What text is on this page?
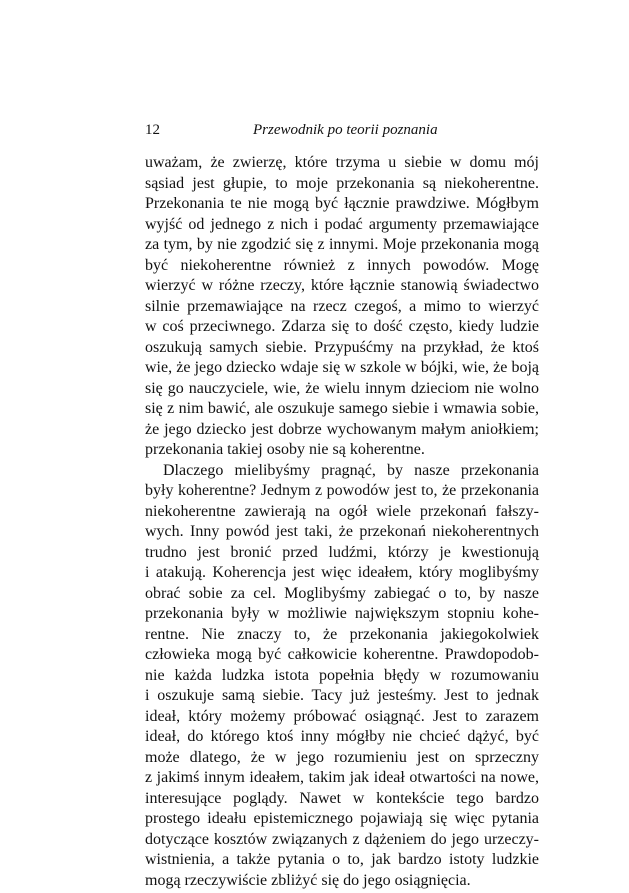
12	Przewodnik po teorii poznania
uważam, że zwierzę, które trzyma u siebie w domu mój
sąsiad jest głupie, to moje przekonania są niekoherentne.
Przekonania te nie mogą być łącznie prawdziwe. Mógłbym
wyjść od jednego z nich i podać argumenty przemawiające
za tym, by nie zgodzić się z innymi. Moje przekonania mogą
być niekoherentne również z innych powodów. Mogę
wierzyć w różne rzeczy, które łącznie stanowią świadectwo
silnie przemawiające na rzecz czegoś, a mimo to wierzyć
w coś przeciwnego. Zdarza się to dość często, kiedy ludzie
oszukują samych siebie. Przypuśćmy na przykład, że ktoś
wie, że jego dziecko wdaje się w szkole w bójki, wie, że boją
się go nauczyciele, wie, że wielu innym dzieciom nie wolno
się z nim bawić, ale oszukuje samego siebie i wmawia sobie,
że jego dziecko jest dobrze wychowanym małym aniołkiem;
przekonania takiej osoby nie są koherentne.
Dlaczego mielibyśmy pragnąć, by nasze przekonania
były koherentne? Jednym z powodów jest to, że przekonania
niekoherentne zawierają na ogół wiele przekonań fałszy-
wych. Inny powód jest taki, że przekonań niekoherentnych
trudno jest bronić przed ludźmi, którzy je kwestionują
i atakują. Koherencja jest więc ideałem, który moglibyśmy
obrać sobie za cel. Moglibyśmy zabiegać o to, by nasze
przekonania były w możliwie największym stopniu kohe-
rentne. Nie znaczy to, że przekonania jakiegokolwiek
człowieka mogą być całkowicie koherentne. Prawdopodob-
nie każda ludzka istota popełnia błędy w rozumowaniu
i oszukuje samą siebie. Tacy już jesteśmy. Jest to jednak
ideał, który możemy próbować osiągnąć. Jest to zarazem
ideał, do którego ktoś inny mógłby nie chcieć dążyć, być
może dlatego, że w jego rozumieniu jest on sprzeczny
z jakimś innym ideałem, takim jak ideał otwartości na nowe,
interesujące poglądy. Nawet w kontekście tego bardzo
prostego ideału epistemicznego pojawiają się więc pytania
dotyczące kosztów związanych z dążeniem do jego urzeczy-
wistnienia, a także pytania o to, jak bardzo istoty ludzkie
mogą rzeczywiście zbliżyć się do jego osiągnięcia.
